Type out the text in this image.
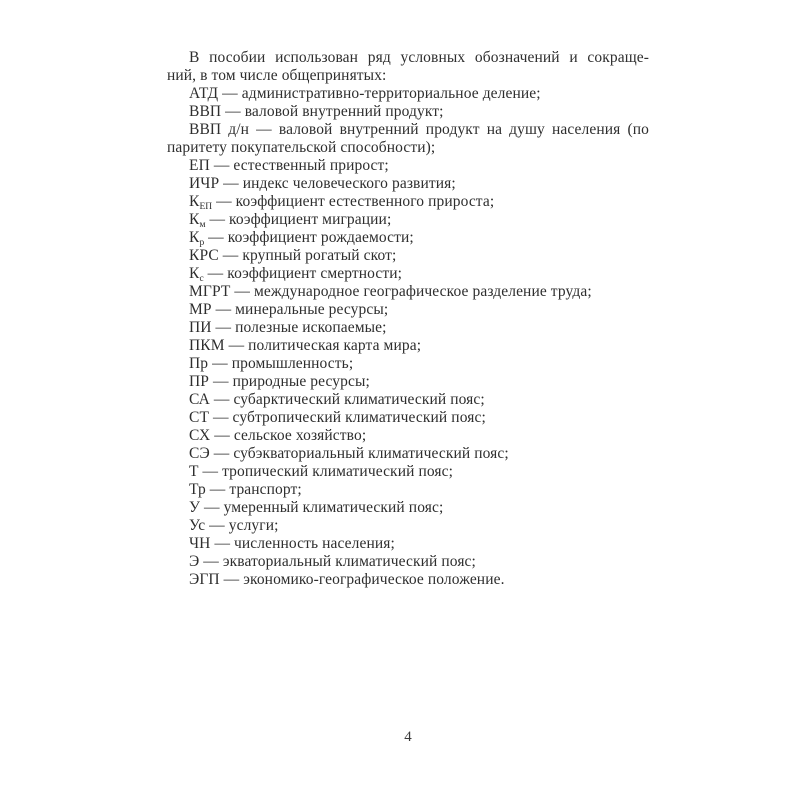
В пособии использован ряд условных обозначений и сокраще-

ний, в том числе общепринятых:

АТД — административно-территориальное деление;

ВВП — валовой внутренний продукт;

ВВП д/н — валовой внутренний продукт на душу населения (по

паритету покупательской способности);

ЕП — естественный прирост;

ИЧР — индекс человеческого развития;

$К_{ЕП}$ — коэффициент естественного прироста;

$К_м$ — коэффициент миграции;

$К_р$ — коэффициент рождаемости;

КРС — крупный рогатый скот;

$К_с$ — коэффициент смертности;

МГРТ — международное географическое разделение труда;

МР — минеральные ресурсы;

ПИ — полезные ископаемые;

ПКМ — политическая карта мира;

Пр — промышленность;

ПР — природные ресурсы;

СА — субарктический климатический пояс;

СТ — субтропический климатический пояс;

СХ — сельское хозяйство;

СЭ — субэкваториальный климатический пояс;

Т — тропический климатический пояс;

Тр — транспорт;

У — умеренный климатический пояс;

Ус — услуги;

ЧН — численность населения;

Э — экваториальный климатический пояс;

ЭГП — экономико-географическое положение.

4
